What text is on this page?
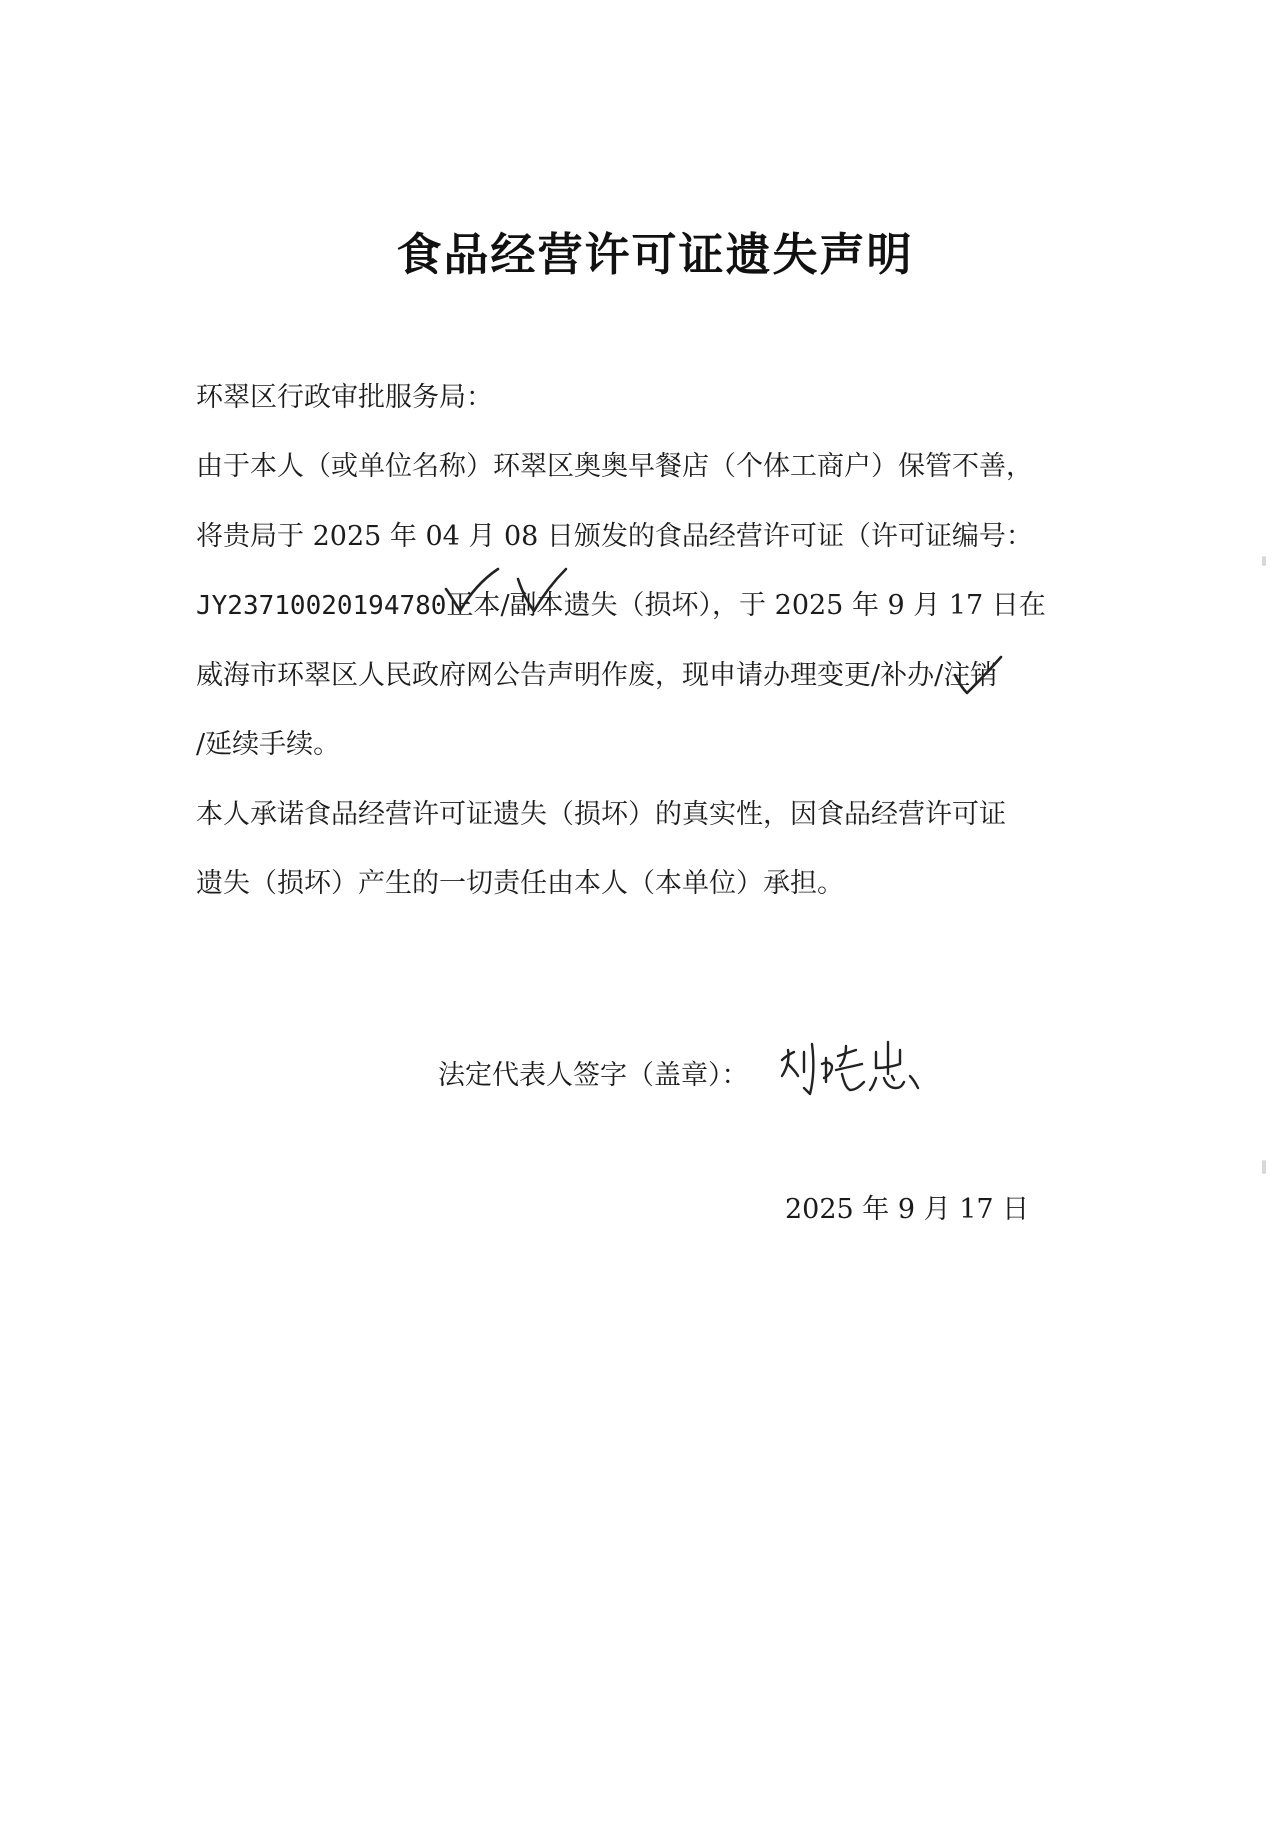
食品经营许可证遗失声明
环翠区行政审批服务局：
由于本人（或单位名称）环翠区奥奥早餐店（个体工商户）保管不善，
将贵局于 2025 年 04 月 08 日颁发的食品经营许可证（许可证编号：
JY23710020194780正本
/副本
遗失（损坏），于 2025 年 9 月 17 日在
威海市环翠区人民政府网公告声明作废，现申请办理变更/补办/注销
/延续手续。
本人承诺食品经营许可证遗失（损坏）的真实性，因食品经营许可证
遗失（损坏）产生的一切责任由本人（本单位）承担。
法定代表人签字（盖章）：
2025 年 9 月 17 日
